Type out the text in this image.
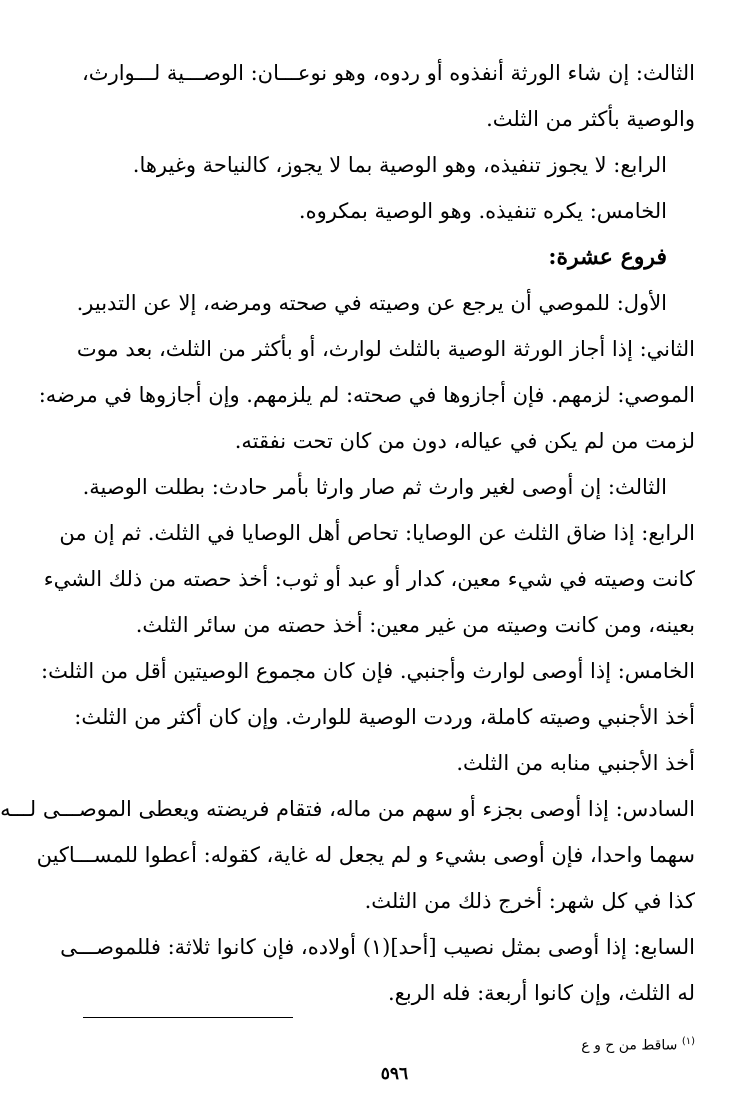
الثالث: إن شاء الورثة أنفذوه أو ردوه، وهو نوعـــان: الوصـــية لـــوارث،
والوصية بأكثر من الثلث.
الرابع: لا يجوز تنفيذه، وهو الوصية بما لا يجوز، كالنياحة وغيرها.
الخامس: يكره تنفيذه. وهو الوصية بمكروه.
فروع عشرة:
الأول: للموصي أن يرجع عن وصيته في صحته ومرضه، إلا عن التدبير.
الثاني: إذا أجاز الورثة الوصية بالثلث لوارث، أو بأكثر من الثلث، بعد موت
الموصي: لزمهم. فإن أجازوها في صحته: لم يلزمهم. وإن أجازوها في مرضه:
لزمت من لم يكن في عياله، دون من كان تحت نفقته.
الثالث: إن أوصى لغير وارث ثم صار وارثا بأمر حادث: بطلت الوصية.
الرابع: إذا ضاق الثلث عن الوصايا: تحاص أهل الوصايا في الثلث. ثم إن من
كانت وصيته في شيء معين، كدار أو عبد أو ثوب: أخذ حصته من ذلك الشيء
بعينه، ومن كانت وصيته من غير معين: أخذ حصته من سائر الثلث.
الخامس: إذا أوصى لوارث وأجنبي. فإن كان مجموع الوصيتين أقل من الثلث:
أخذ الأجنبي وصيته كاملة، وردت الوصية للوارث. وإن كان أكثر من الثلث:
أخذ الأجنبي منابه من الثلث.
السادس: إذا أوصى بجزء أو سهم من ماله، فتقام فريضته ويعطى الموصـــى لـــه
سهما واحدا، فإن أوصى بشيء و لم يجعل له غاية، كقوله: أعطوا للمســـاكين
كذا في كل شهر: أخرج ذلك من الثلث.
السابع: إذا أوصى بمثل نصيب [أحد](١) أولاده، فإن كانوا ثلاثة: فللموصـــى
له الثلث، وإن كانوا أربعة: فله الربع.
$^{(١)}$ ساقط من ح و ع
٥٩٦
